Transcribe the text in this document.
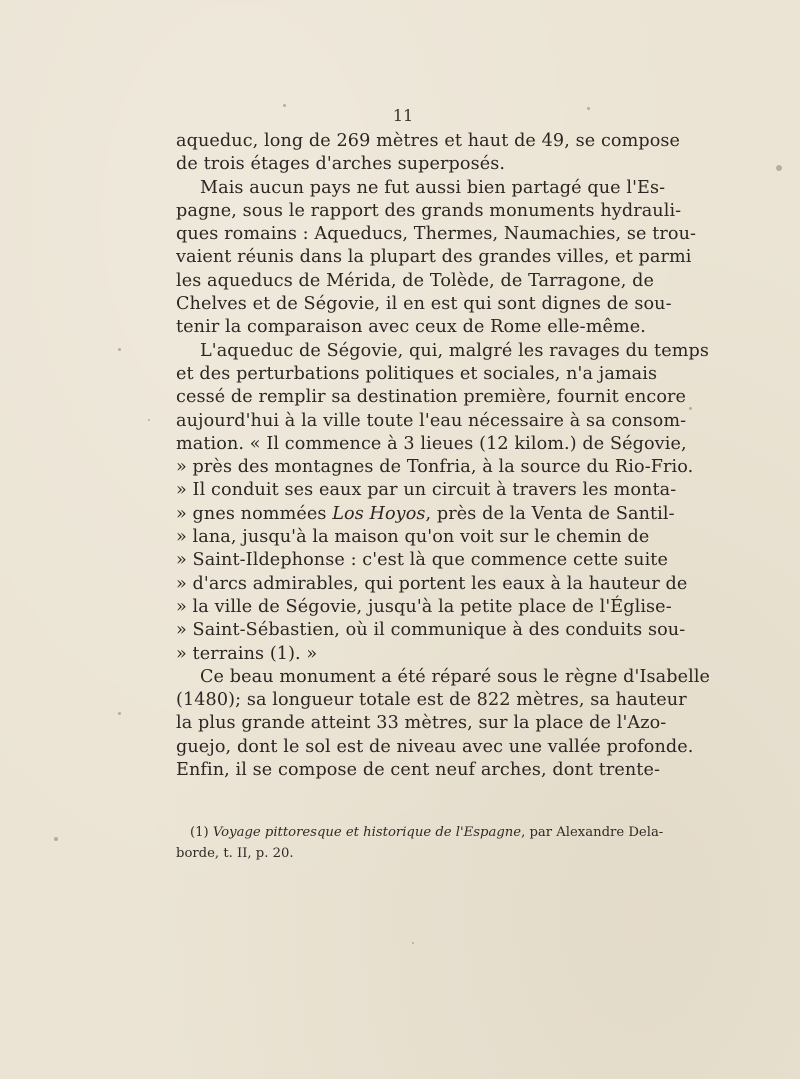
11
aqueduc, long de 269 mètres et haut de 49, se compose
de trois étages d'arches superposés.
Mais aucun pays ne fut aussi bien partagé que l'Es-
pagne, sous le rapport des grands monuments hydrauli-
ques romains : Aqueducs, Thermes, Naumachies, se trou-
vaient réunis dans la plupart des grandes villes, et parmi
les aqueducs de Mérida, de Tolède, de Tarragone, de
Chelves et de Ségovie, il en est qui sont dignes de sou-
tenir la comparaison avec ceux de Rome elle-même.
L'aqueduc de Ségovie, qui, malgré les ravages du temps
et des perturbations politiques et sociales, n'a jamais
cessé de remplir sa destination première, fournit encore
aujourd'hui à la ville toute l'eau nécessaire à sa consom-
mation. « Il commence à 3 lieues (12 kilom.) de Ségovie,
» près des montagnes de Tonfria, à la source du Rio-Frio.
» Il conduit ses eaux par un circuit à travers les monta-
» gnes nommées Los Hoyos, près de la Venta de Santil-
» lana, jusqu'à la maison qu'on voit sur le chemin de
» Saint-Ildephonse : c'est là que commence cette suite
» d'arcs admirables, qui portent les eaux à la hauteur de
» la ville de Ségovie, jusqu'à la petite place de l'Église-
» Saint-Sébastien, où il communique à des conduits sou-
» terrains (1). »
Ce beau monument a été réparé sous le règne d'Isabelle
(1480); sa longueur totale est de 822 mètres, sa hauteur
la plus grande atteint 33 mètres, sur la place de l'Azo-
guejo, dont le sol est de niveau avec une vallée profonde.
Enfin, il se compose de cent neuf arches, dont trente-
(1) Voyage pittoresque et historique de l'Espagne, par Alexandre Dela-
borde, t. II, p. 20.
